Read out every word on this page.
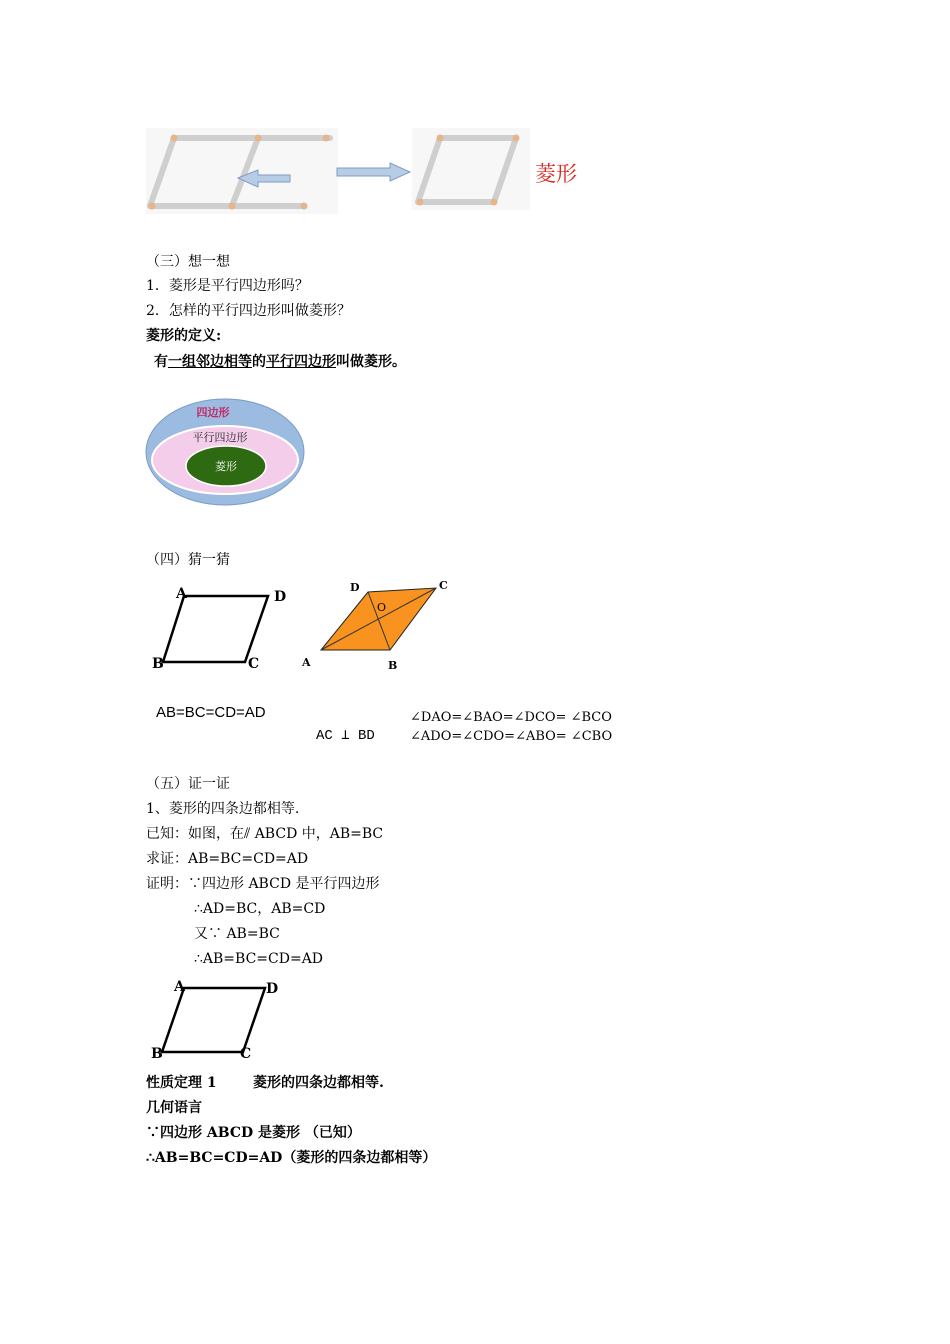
菱形
（三）想一想
1．菱形是平行四边形吗？
2．怎样的平行四边形叫做菱形？
菱形的定义:
有一组邻边相等的平行四边形叫做菱形。
四边形
平行四边形
菱形
（四）猜一猜
A	D
B	C	A	B
C
D
O
AB=BC=CD=AD
AC ⊥ BD
∠DAO=∠BAO=∠DCO= ∠BCO
∠ADO=∠CDO=∠ABO= ∠CBO
（五）证一证
1、菱形的四条边都相等.
已知：如图，在⫽ ABCD 中，AB=BC
求证：AB=BC=CD=AD
证明：∵四边形 ABCD 是平行四边形
∴AD=BC，AB=CD
又∵ AB=BC
∴AB=BC=CD=AD
A	D
B	C
性质定理 1	菱形的四条边都相等.
几何语言
∵四边形 ABCD 是菱形 （已知）
∴AB=BC=CD=AD（菱形的四条边都相等）
